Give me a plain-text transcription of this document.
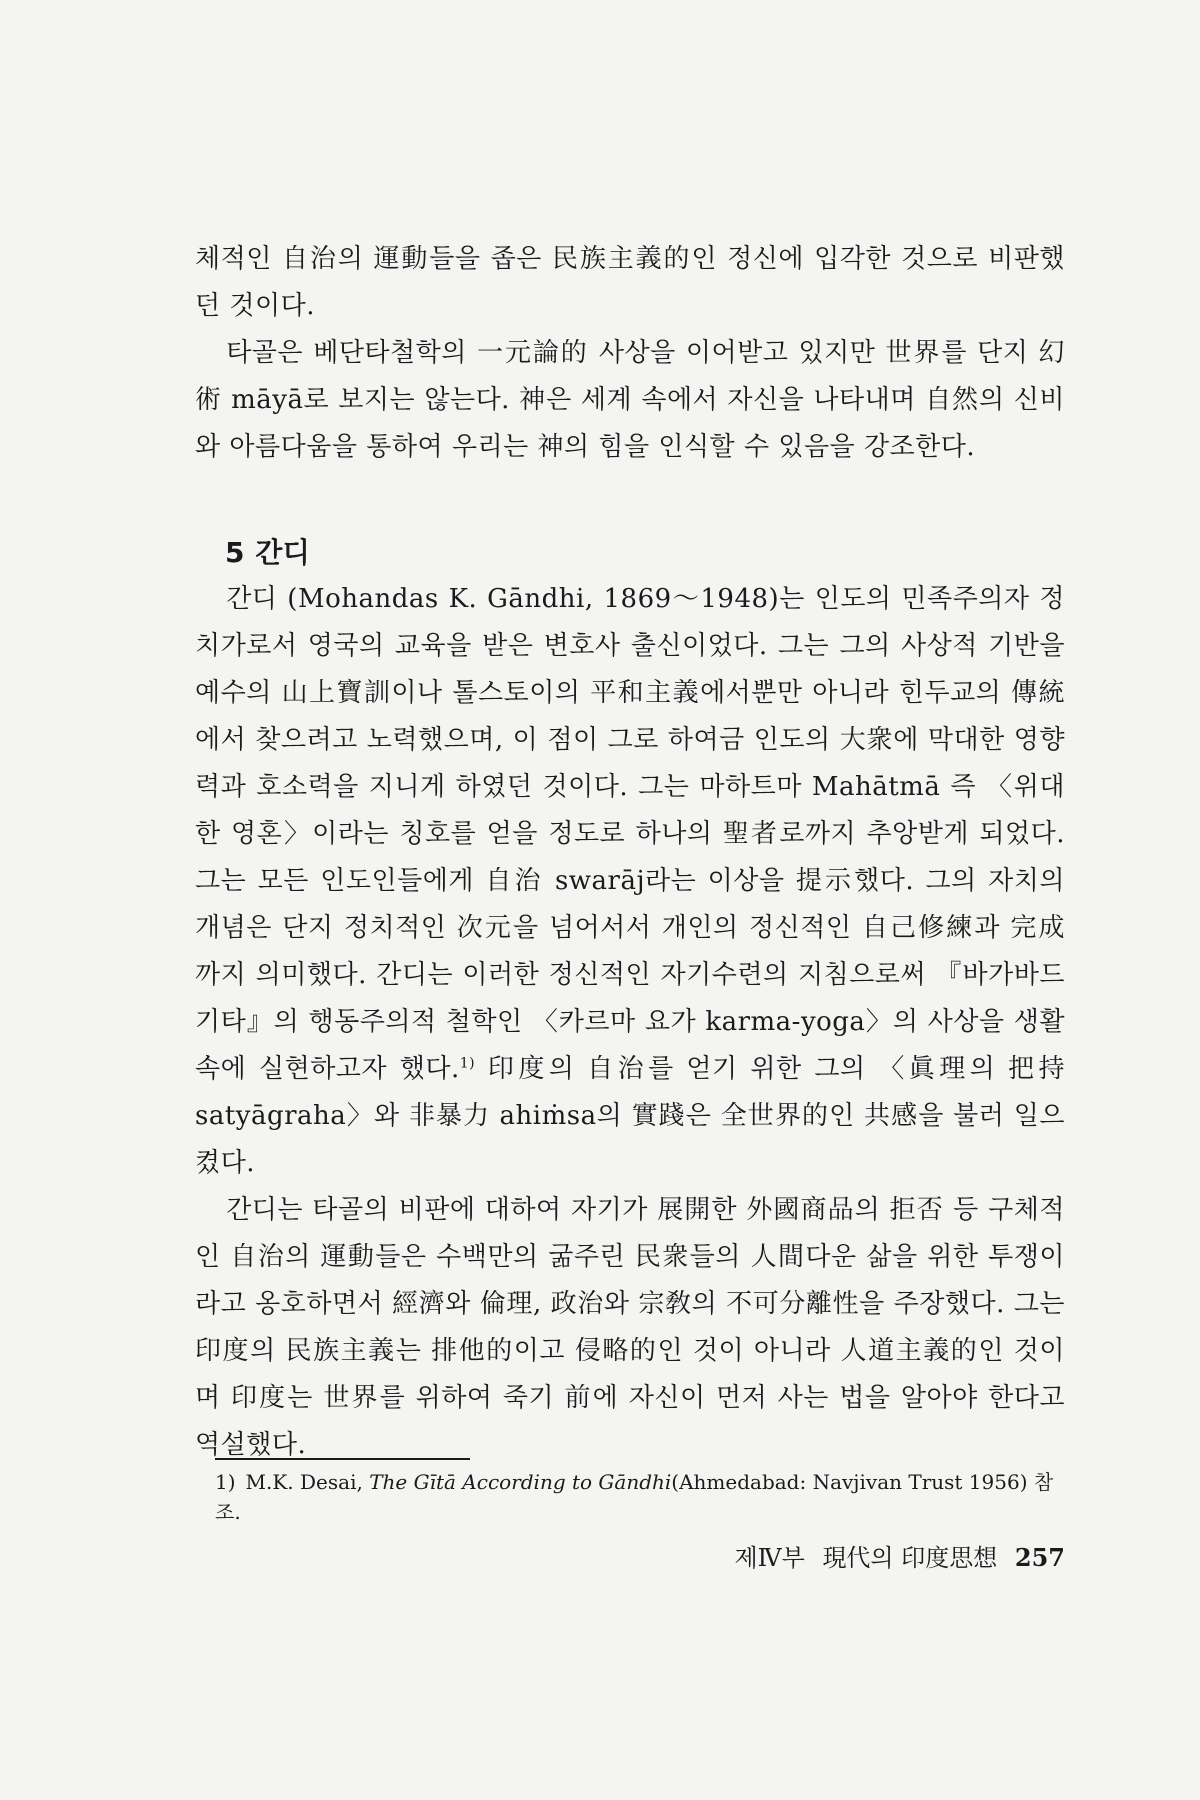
체적인 自治의 運動들을 좁은 民族主義的인 정신에 입각한 것으로 비판했던 것이다.

타골은 베단타철학의 一元論的 사상을 이어받고 있지만 世界를 단지 幻術 māyā로 보지는 않는다. 神은 세계 속에서 자신을 나타내며 自然의 신비와 아름다움을 통하여 우리는 神의 힘을 인식할 수 있음을 강조한다.

5 간디

간디 (Mohandas K. Gāndhi, 1869～1948)는 인도의 민족주의자 정치가로서 영국의 교육을 받은 변호사 출신이었다. 그는 그의 사상적 기반을 예수의 山上寶訓이나 톨스토이의 平和主義에서뿐만 아니라 힌두교의 傳統에서 찾으려고 노력했으며, 이 점이 그로 하여금 인도의 大衆에 막대한 영향력과 호소력을 지니게 하였던 것이다. 그는 마하트마 Mahātmā 즉 〈위대한 영혼〉이라는 칭호를 얻을 정도로 하나의 聖者로까지 추앙받게 되었다. 그는 모든 인도인들에게 自治 swarāj라는 이상을 提示했다. 그의 자치의 개념은 단지 정치적인 次元을 넘어서서 개인의 정신적인 自己修練과 完成까지 의미했다. 간디는 이러한 정신적인 자기수련의 지침으로써 『바가바드 기타』의 행동주의적 철학인 〈카르마 요가 karma-yoga〉의 사상을 생활 속에 실현하고자 했다.$^{1)}$ 印度의 自治를 얻기 위한 그의 〈眞理의 把持 satyāgraha〉와 非暴力 ahiṁsa의 實踐은 全世界的인 共感을 불러 일으켰다.

간디는 타골의 비판에 대하여 자기가 展開한 外國商品의 拒否 등 구체적인 自治의 運動들은 수백만의 굶주린 民衆들의 人間다운 삶을 위한 투쟁이라고 옹호하면서 經濟와 倫理, 政治와 宗敎의 不可分離性을 주장했다. 그는 印度의 民族主義는 排他的이고 侵略的인 것이 아니라 人道主義的인 것이며 印度는 世界를 위하여 죽기 前에 자신이 먼저 사는 법을 알아야 한다고 역설했다.

1) M.K. Desai, The Gītā According to Gāndhi(Ahmedabad: Navjivan Trust 1956) 참조.
제Ⅳ부 現代의 印度思想 257
